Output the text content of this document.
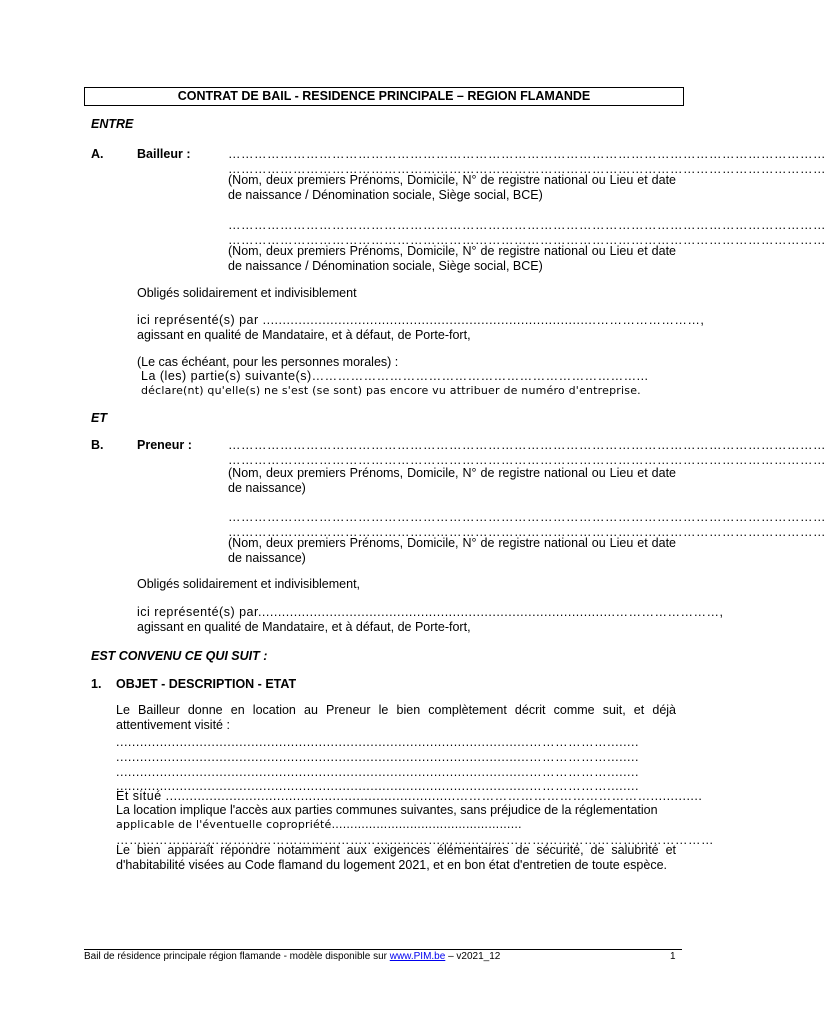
CONTRAT DE BAIL - RESIDENCE PRINCIPALE – REGION FLAMANDE
ENTRE
A.	Bailleur :	…………………………………………………………………………………………………………………………
…………………………………………………………………………………………………………………………
(Nom, deux premiers Prénoms, Domicile, N° de registre national ou Lieu et date de naissance / Dénomination sociale, Siège social, BCE)
…………………………………………………………………………………………………………………………
…………………………………………………………………………………………………………………………
(Nom, deux premiers Prénoms, Domicile, N° de registre national ou Lieu et date de naissance / Dénomination sociale, Siège social, BCE)
Obligés solidairement et indivisiblement
ici représenté(s) par ....................................................................................……………………,
agissant en qualité de Mandataire, et à défaut, de Porte-fort,
(Le cas échéant, pour les personnes morales) :
La (les) partie(s) suivante(s)…………………………………………………………………...
déclare(nt) qu'elle(s) ne s'est (se sont) pas encore vu attribuer de numéro d'entreprise.
ET
B.	Preneur :	…………………………………………………………………………………………………………………………
…………………………………………………………………………………………………………………………
(Nom, deux premiers Prénoms, Domicile, N° de registre national ou Lieu et date de naissance)
…………………………………………………………………………………………………………………………
…………………………………………………………………………………………………………………………
(Nom, deux premiers Prénoms, Domicile, N° de registre national ou Lieu et date de naissance)
Obligés solidairement et indivisiblement,
ici représenté(s) par..........................................................................................……………………,
agissant en qualité de Mandataire, et à défaut, de Porte-fort,
EST CONVENU CE QUI SUIT :
1. OBJET - DESCRIPTION - ETAT
Le Bailleur donne en location au Preneur le bien complètement décrit comme suit, et déjà attentivement visité :
........................................................................................................………………........
........................................................................................................………………........
........................................................................................................………………........
........................................................................................................………………........
Et situé .........................................................................……………………………………….............
La location implique l'accès aux parties communes suivantes, sans préjudice de la réglementation
applicable de l'éventuelle copropriété……………………………………………
…………………………………………………………………………………………………………………………
Le bien apparaît répondre notamment aux exigences élémentaires de sécurité, de salubrité et d'habitabilité visées au Code flamand du logement 2021, et en bon état d'entretien de toute espèce.
Bail de résidence principale région flamande - modèle disponible sur www.PIM.be – v2021_12	1
